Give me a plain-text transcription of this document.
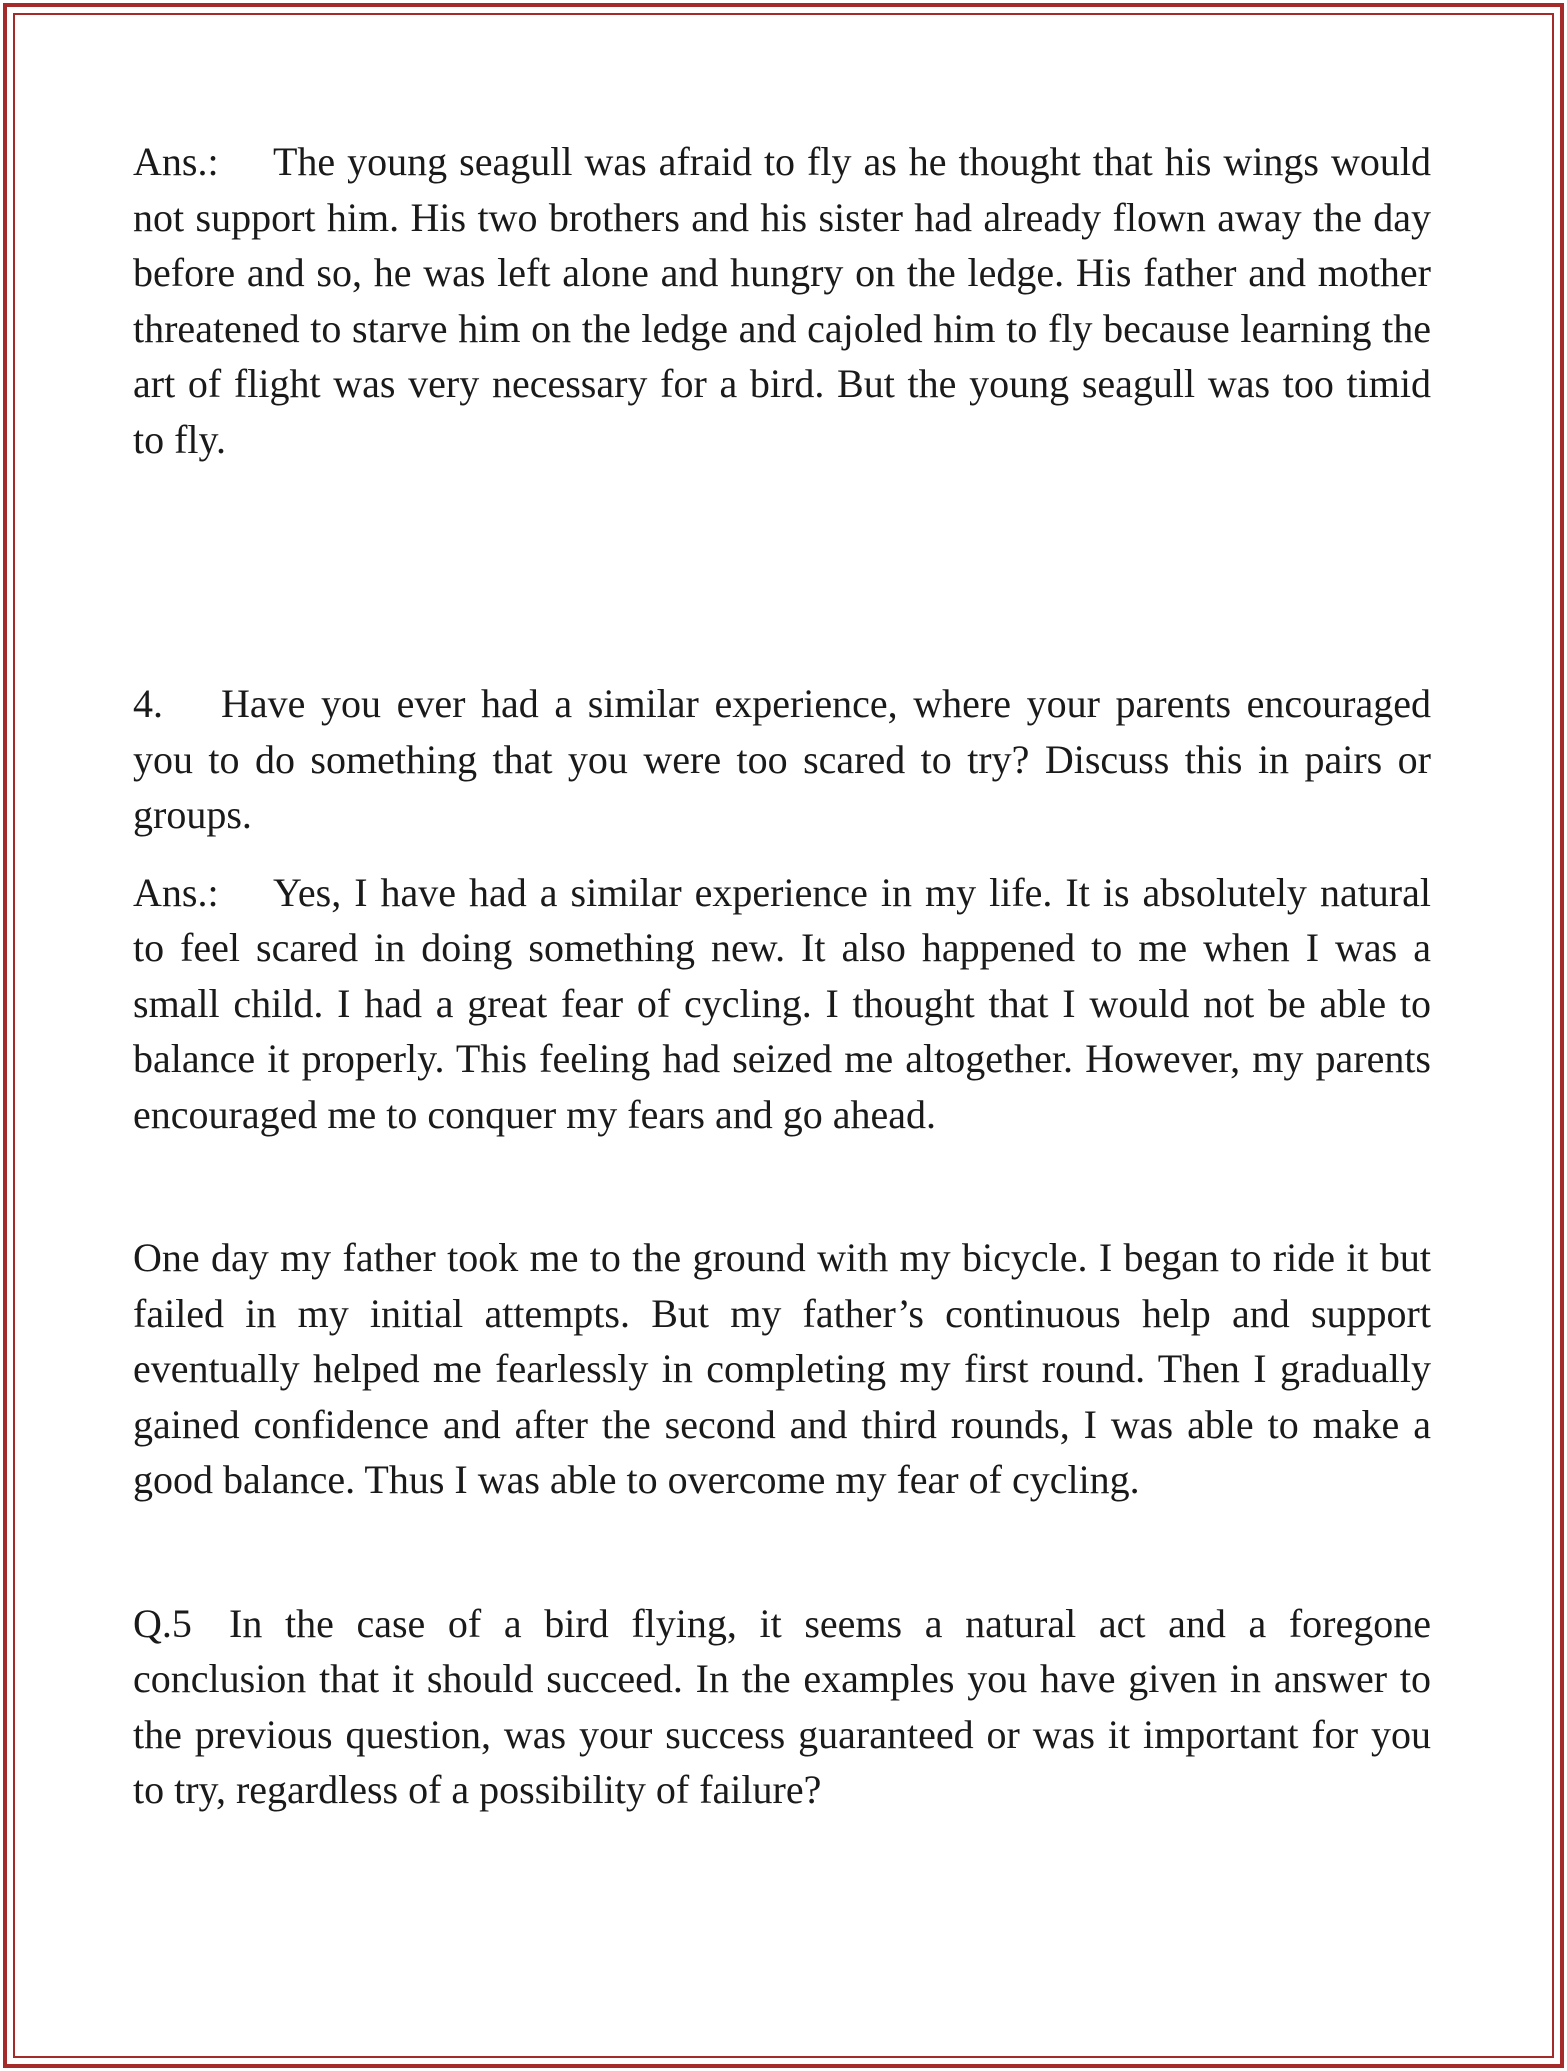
Ans.: The young seagull was afraid to fly as he thought that his wings would not support him. His two brothers and his sister had already flown away the day before and so, he was left alone and hungry on the ledge. His father and mother threatened to starve him on the ledge and cajoled him to fly because learning the art of flight was very necessary for a bird. But the young seagull was too timid to fly.

4. Have you ever had a similar experience, where your parents encouraged you to do something that you were too scared to try? Discuss this in pairs or groups.

Ans.: Yes, I have had a similar experience in my life. It is absolutely natural to feel scared in doing something new. It also happened to me when I was a small child. I had a great fear of cycling. I thought that I would not be able to balance it properly. This feeling had seized me altogether. However, my parents encouraged me to conquer my fears and go ahead.

One day my father took me to the ground with my bicycle. I began to ride it but failed in my initial attempts. But my father’s continuous help and support eventually helped me fearlessly in completing my first round. Then I gradually gained confidence and after the second and third rounds, I was able to make a good balance. Thus I was able to overcome my fear of cycling.

Q.5 In the case of a bird flying, it seems a natural act and a foregone conclusion that it should succeed. In the examples you have given in answer to the previous question, was your success guaranteed or was it important for you to try, regardless of a possibility of failure?
